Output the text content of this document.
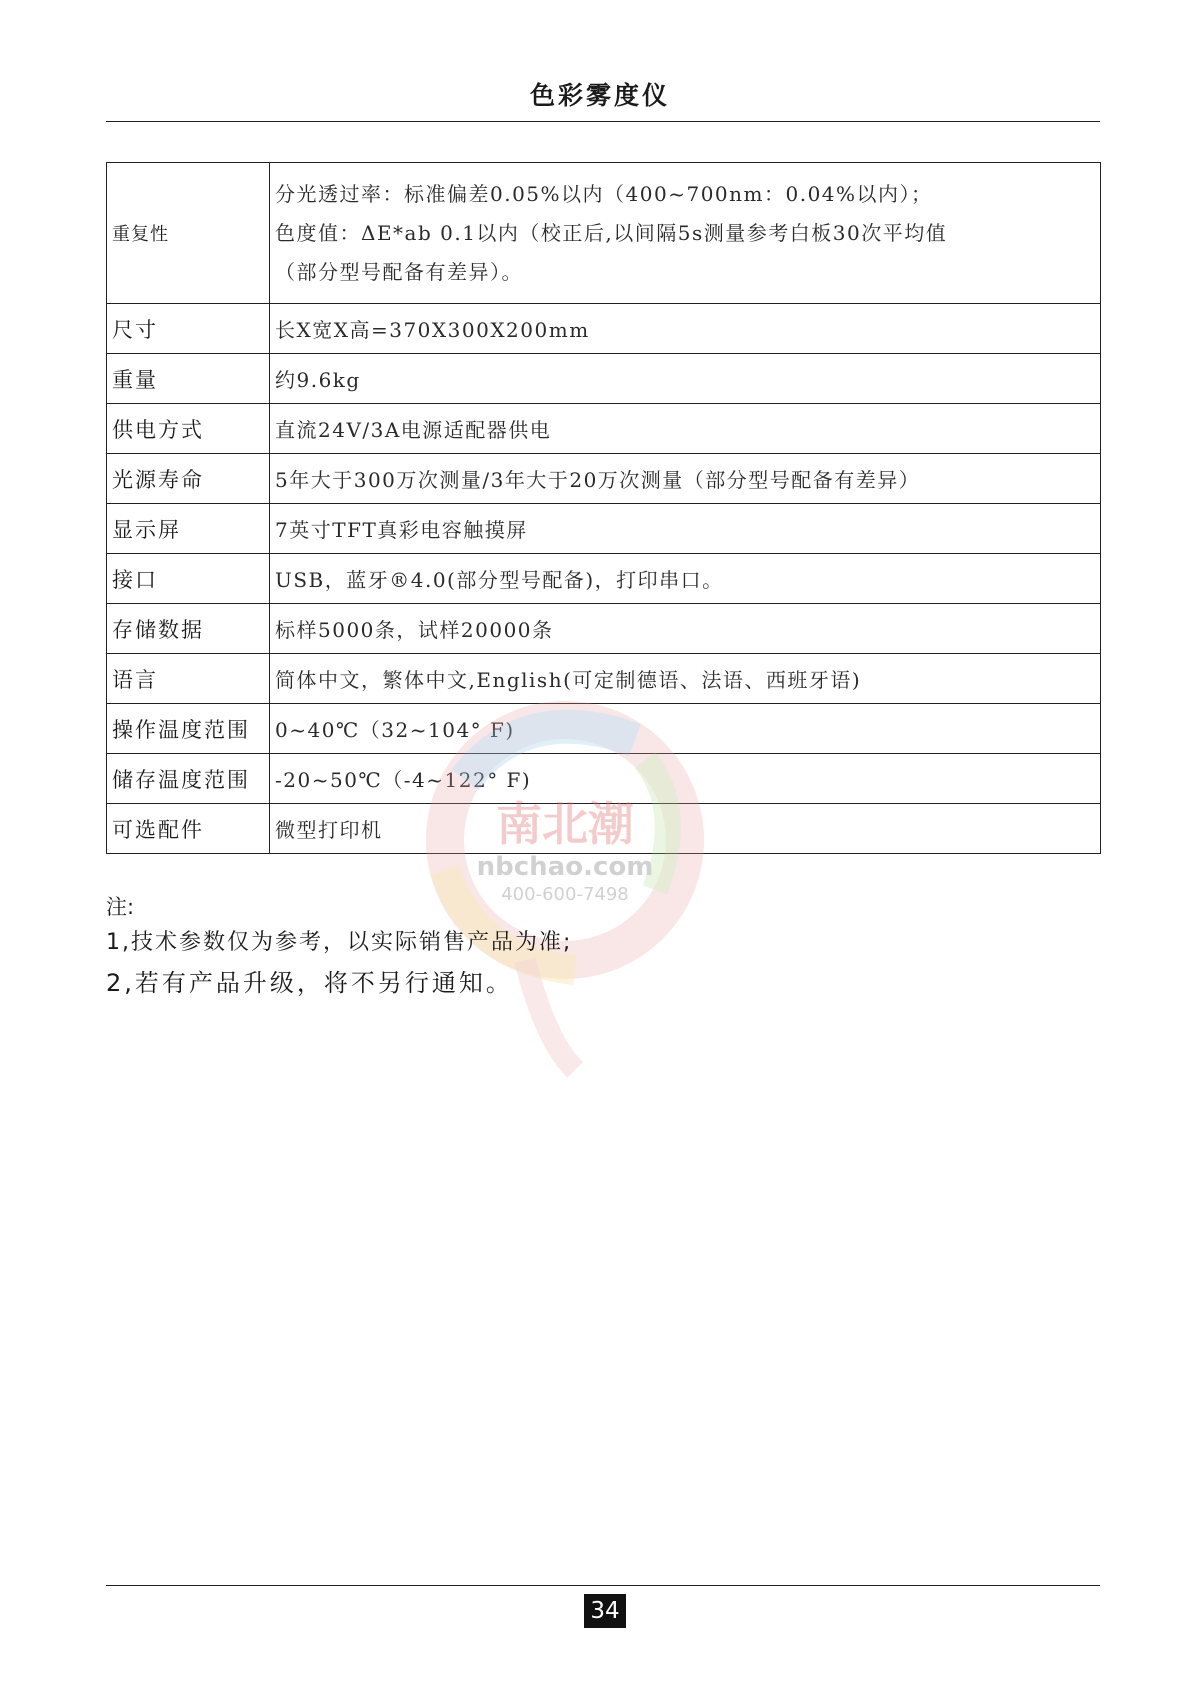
色彩雾度仪
重复性	分光透过率：标准偏差0.05%以内（400~700nm：0.04%以内）；
色度值：ΔE*ab 0.1以内（校正后,以间隔5s测量参考白板30次平均值
（部分型号配备有差异）。

尺寸	长X宽X高=370X300X200mm
重量	约9.6kg
供电方式	直流24V/3A电源适配器供电
光源寿命	5年大于300万次测量/3年大于20万次测量（部分型号配备有差异）
显示屏	7英寸TFT真彩电容触摸屏
接口	USB，蓝牙®4.0(部分型号配备)，打印串口。
存储数据	标样5000条，试样20000条
语言	简体中文，繁体中文,English(可定制德语、法语、西班牙语)
操作温度范围	0~40℃（32~104° F)
储存温度范围	-20~50℃（-4~122° F)
可选配件	微型打印机 南北潮
nbchao.com
400-600-7498
注:
1,技术参数仅为参考，以实际销售产品为准;
2,若有产品升级，将不另行通知。
34
